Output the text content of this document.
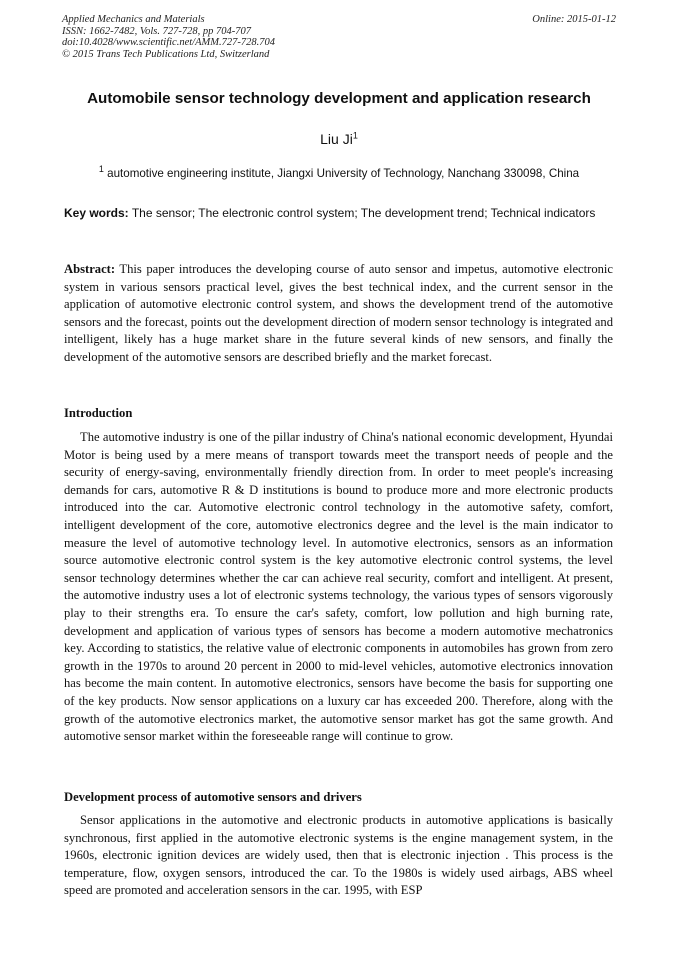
Applied Mechanics and Materials
ISSN: 1662-7482, Vols. 727-728, pp 704-707
doi:10.4028/www.scientific.net/AMM.727-728.704
© 2015 Trans Tech Publications Ltd, Switzerland
Online: 2015-01-12
Automobile sensor technology development and application research
Liu Ji$^1$
$^1$ automotive engineering institute, Jiangxi University of Technology, Nanchang 330098, China
Key words: The sensor; The electronic control system; The development trend; Technical indicators
Abstract: This paper introduces the developing course of auto sensor and impetus, automotive electronic system in various sensors practical level, gives the best technical index, and the current sensor in the application of automotive electronic control system, and shows the development trend of the automotive sensors and the forecast, points out the development direction of modern sensor technology is integrated and intelligent, likely has a huge market share in the future several kinds of new sensors, and finally the development of the automotive sensors are described briefly and the market forecast.
Introduction
The automotive industry is one of the pillar industry of China's national economic development, Hyundai Motor is being used by a mere means of transport towards meet the transport needs of people and the security of energy-saving, environmentally friendly direction from. In order to meet people's increasing demands for cars, automotive R & D institutions is bound to produce more and more electronic products introduced into the car. Automotive electronic control technology in the automotive safety, comfort, intelligent development of the core, automotive electronics degree and the level is the main indicator to measure the level of automotive technology level. In automotive electronics, sensors as an information source automotive electronic control system is the key automotive electronic control systems, the level sensor technology determines whether the car can achieve real security, comfort and intelligent. At present, the automotive industry uses a lot of electronic systems technology, the various types of sensors vigorously play to their strengths era. To ensure the car's safety, comfort, low pollution and high burning rate, development and application of various types of sensors has become a modern automotive mechatronics key. According to statistics, the relative value of electronic components in automobiles has grown from zero growth in the 1970s to around 20 percent in 2000 to mid-level vehicles, automotive electronics innovation has become the main content. In automotive electronics, sensors have become the basis for supporting one of the key products. Now sensor applications on a luxury car has exceeded 200. Therefore, along with the growth of the automotive electronics market, the automotive sensor market has got the same growth. And automotive sensor market within the foreseeable range will continue to grow.
Development process of automotive sensors and drivers
Sensor applications in the automotive and electronic products in automotive applications is basically synchronous, first applied in the automotive electronic systems is the engine management system, in the 1960s, electronic ignition devices are widely used, then that is electronic injection . This process is the temperature, flow, oxygen sensors, introduced the car. To the 1980s is widely used airbags, ABS wheel speed are promoted and acceleration sensors in the car. 1995, with ESP
